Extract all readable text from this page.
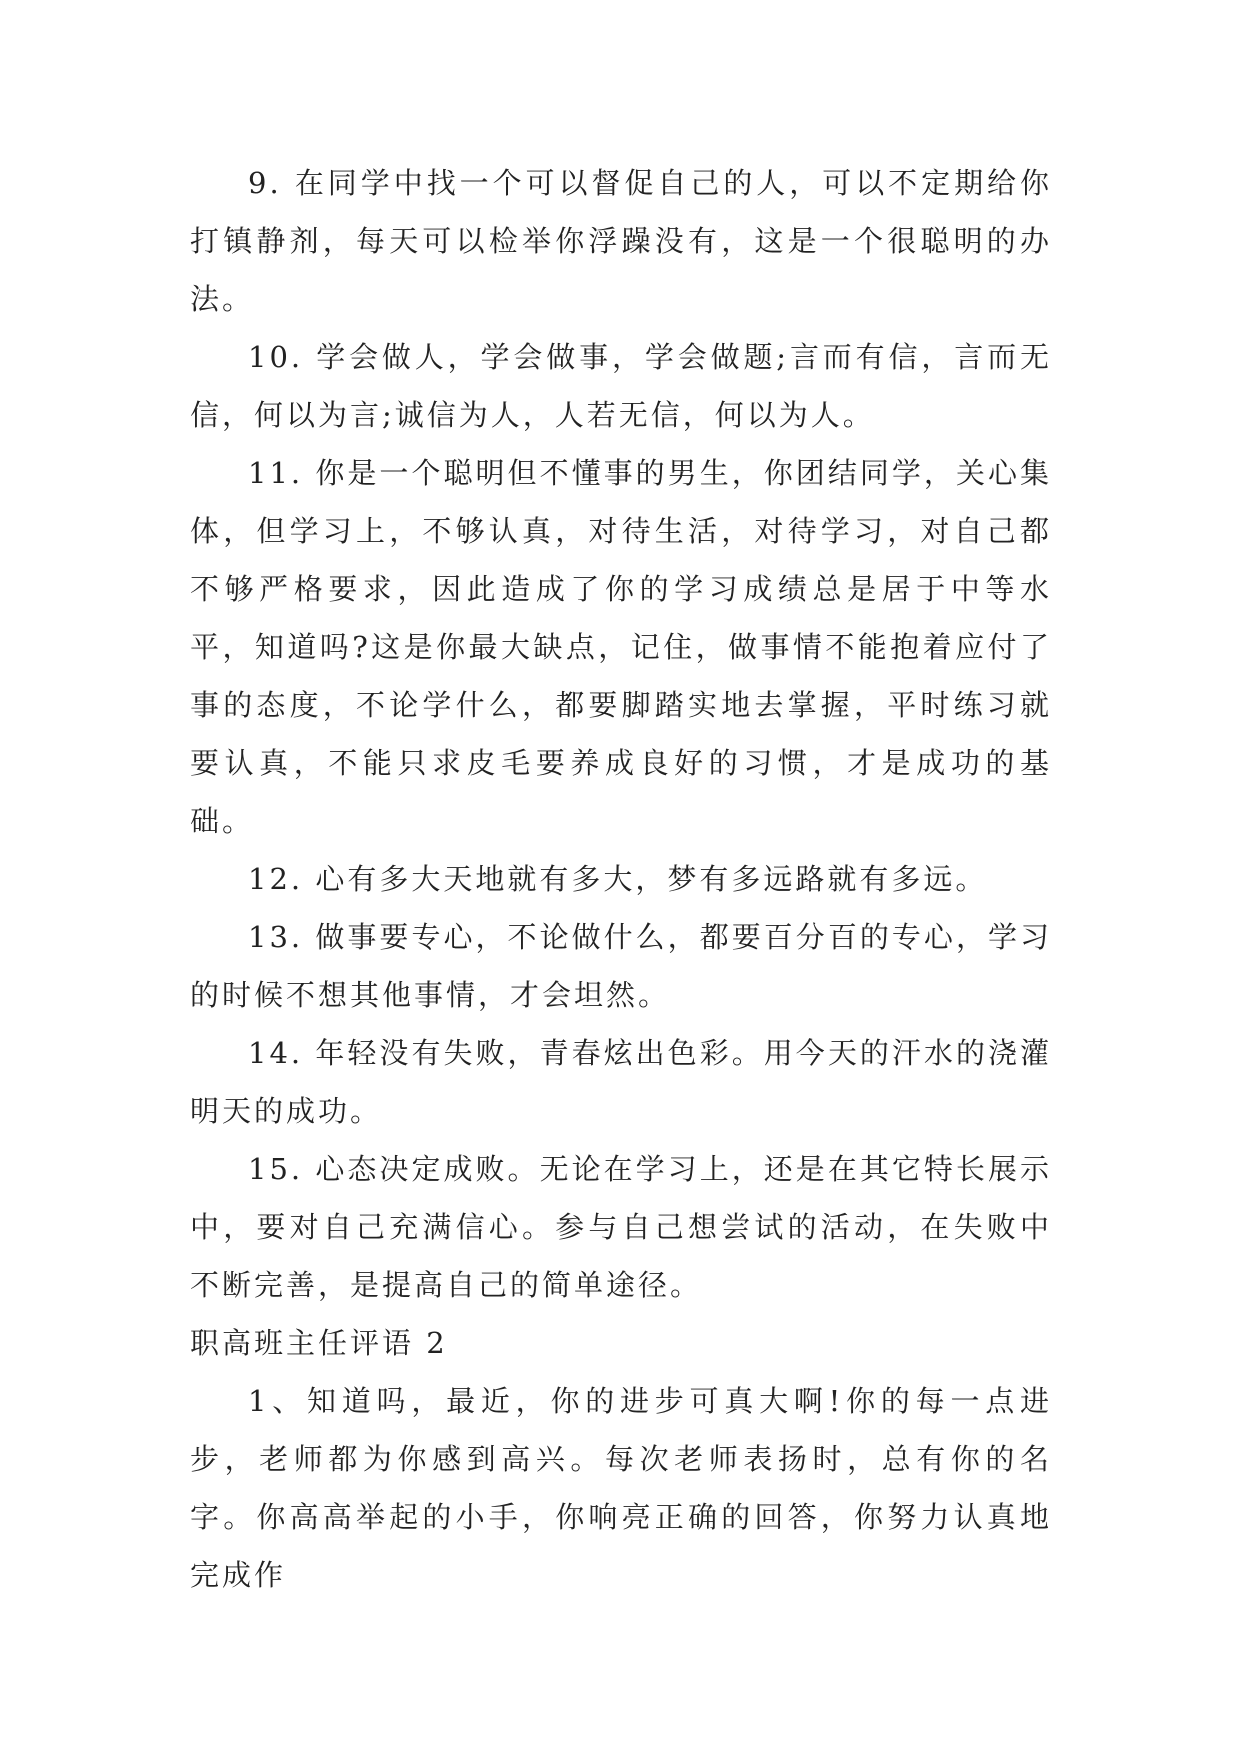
9. 在同学中找一个可以督促自己的人，可以不定期给你打镇静剂，每天可以检举你浮躁没有，这是一个很聪明的办法。

10. 学会做人，学会做事，学会做题;言而有信，言而无信，何以为言;诚信为人，人若无信，何以为人。

11. 你是一个聪明但不懂事的男生，你团结同学，关心集体，但学习上，不够认真，对待生活，对待学习，对自己都不够严格要求，因此造成了你的学习成绩总是居于中等水平，知道吗?这是你最大缺点，记住，做事情不能抱着应付了事的态度，不论学什么，都要脚踏实地去掌握，平时练习就要认真，不能只求皮毛要养成良好的习惯，才是成功的基础。

12. 心有多大天地就有多大，梦有多远路就有多远。

13. 做事要专心，不论做什么，都要百分百的专心，学习的时候不想其他事情，才会坦然。

14. 年轻没有失败，青春炫出色彩。用今天的汗水的浇灌明天的成功。

15. 心态决定成败。无论在学习上，还是在其它特长展示中，要对自己充满信心。参与自己想尝试的活动，在失败中不断完善，是提高自己的简单途径。

职高班主任评语 2

1、知道吗，最近，你的进步可真大啊!你的每一点进步，老师都为你感到高兴。每次老师表扬时，总有你的名字。你高高举起的小手，你响亮正确的回答，你努力认真地完成作
